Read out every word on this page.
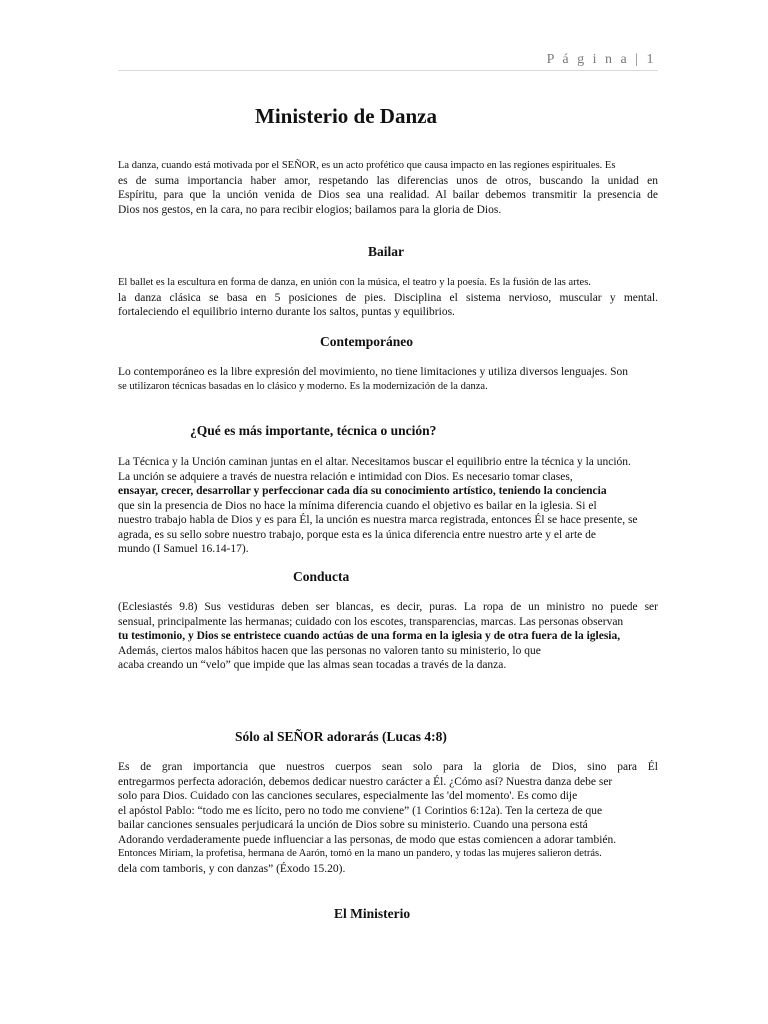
P á g i n a | 1
Ministerio de Danza
La danza, cuando está motivada por el SEÑOR, es un acto profético que causa impacto en las regiones espirituales. Es
es de suma importancia haber amor, respetando las diferencias unos de otros, buscando la unidad en
Espíritu, para que la unción venida de Dios sea una realidad. Al bailar debemos transmitir la presencia de
Dios nos gestos, en la cara, no para recibir elogios; bailamos para la gloria de Dios.
Bailar
El ballet es la escultura en forma de danza, en unión con la música, el teatro y la poesía. Es la fusión de las artes.
la danza clásica se basa en 5 posiciones de pies. Disciplina el sistema nervioso, muscular y mental.
fortaleciendo el equilibrio interno durante los saltos, puntas y equilibrios.
Contemporáneo
Lo contemporáneo es la libre expresión del movimiento, no tiene limitaciones y utiliza diversos lenguajes. Son
se utilizaron técnicas basadas en lo clásico y moderno. Es la modernización de la danza.
¿Qué es más importante, técnica o unción?
La Técnica y la Unción caminan juntas en el altar. Necesitamos buscar el equilibrio entre la técnica y la unción.
La unción se adquiere a través de nuestra relación e intimidad con Dios. Es necesario tomar clases,
ensayar, crecer, desarrollar y perfeccionar cada día su conocimiento artístico, teniendo la conciencia
que sin la presencia de Dios no hace la mínima diferencia cuando el objetivo es bailar en la iglesia. Si el
nuestro trabajo habla de Dios y es para Él, la unción es nuestra marca registrada, entonces Él se hace presente, se
agrada, es su sello sobre nuestro trabajo, porque esta es la única diferencia entre nuestro arte y el arte de
mundo (I Samuel 16.14-17).
Conducta
(Eclesiastés 9.8) Sus vestiduras deben ser blancas, es decir, puras. La ropa de un ministro no puede ser
sensual, principalmente las hermanas; cuidado con los escotes, transparencias, marcas. Las personas observan
tu testimonio, y Dios se entristece cuando actúas de una forma en la iglesia y de otra fuera de la iglesia,
Además, ciertos malos hábitos hacen que las personas no valoren tanto su ministerio, lo que
acaba creando un “velo” que impide que las almas sean tocadas a través de la danza.
Sólo al SEÑOR adorarás (Lucas 4:8)
Es de gran importancia que nuestros cuerpos sean solo para la gloria de Dios, sino para Él
entregarmos perfecta adoración, debemos dedicar nuestro carácter a Él. ¿Cómo así? Nuestra danza debe ser
solo para Dios. Cuidado con las canciones seculares, especialmente las 'del momento'. Es como dije
el apóstol Pablo: “todo me es lícito, pero no todo me conviene” (1 Corintios 6:12a). Ten la certeza de que
bailar canciones sensuales perjudicará la unción de Dios sobre su ministerio. Cuando una persona está
Adorando verdaderamente puede influenciar a las personas, de modo que estas comiencen a adorar también.
Entonces Miriam, la profetisa, hermana de Aarón, tomó en la mano un pandero, y todas las mujeres salieron detrás.
dela com tamboris, y con danzas” (Éxodo 15.20).
El Ministerio
